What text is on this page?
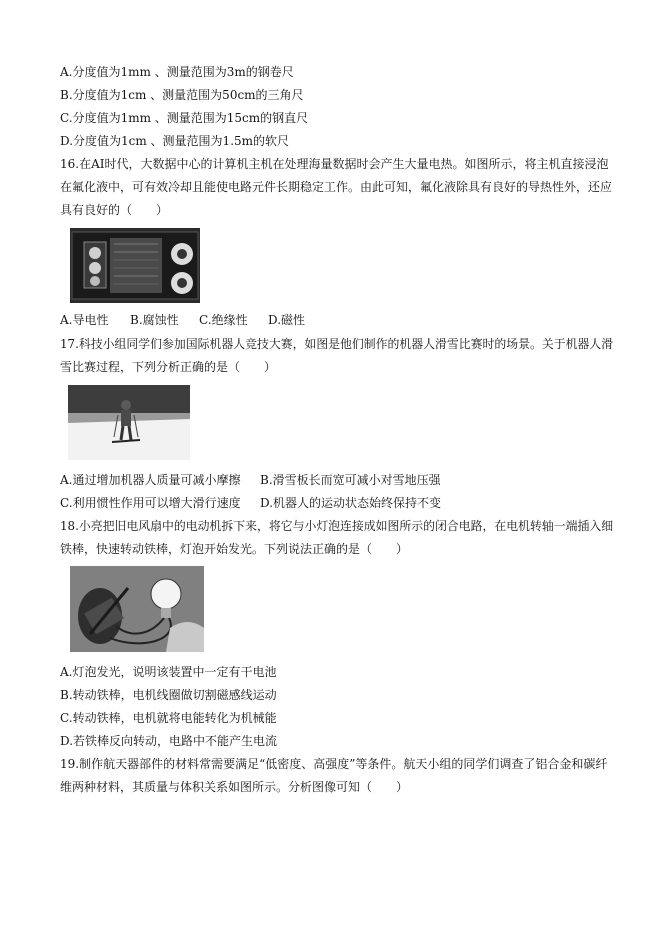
A.分度值为1mm 、测量范围为3m的钢卷尺
B.分度值为1cm 、测量范围为50cm的三角尺
C.分度值为1mm 、测量范围为15cm的钢直尺
D.分度值为1cm 、测量范围为1.5m的软尺
16.在AI时代，大数据中心的计算机主机在处理海量数据时会产生大量电热。如图所示，将主机直接浸泡
在氟化液中，可有效冷却且能使电路元件长期稳定工作。由此可知，氟化液除具有良好的导热性外，还应
具有良好的（　　）
A.导电性 B.腐蚀性 C.绝缘性 D.磁性
17.科技小组同学们参加国际机器人竞技大赛，如图是他们制作的机器人滑雪比赛时的场景。关于机器人滑
雪比赛过程，下列分析正确的是（　　）
A.通过增加机器人质量可减小摩擦 B.滑雪板长而宽可减小对雪地压强
C.利用惯性作用可以增大滑行速度 D.机器人的运动状态始终保持不变
18.小亮把旧电风扇中的电动机拆下来，将它与小灯泡连接成如图所示的闭合电路，在电机转轴一端插入细
铁棒，快速转动铁棒，灯泡开始发光。下列说法正确的是（　　）
A.灯泡发光，说明该装置中一定有干电池
B.转动铁棒，电机线圈做切割磁感线运动
C.转动铁棒，电机就将电能转化为机械能
D.若铁棒反向转动，电路中不能产生电流
19.制作航天器部件的材料常需要满足“低密度、高强度”等条件。航天小组的同学们调查了铝合金和碳纤
维两种材料，其质量与体积关系如图所示。分析图像可知（　　）
